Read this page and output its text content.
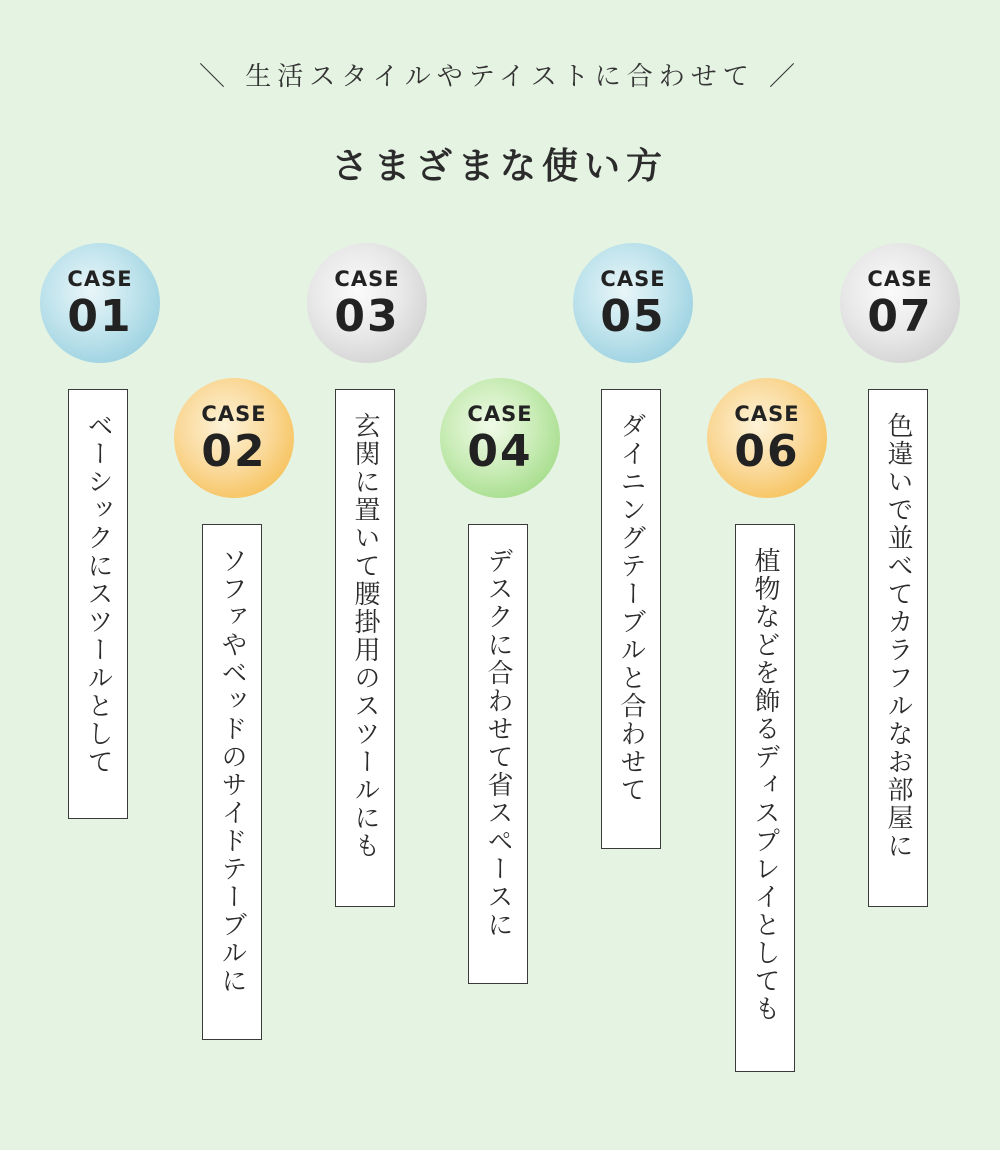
＼ 生活スタイルやテイストに合わせて ／
さまざまな使い方
CASE
01
ベーシックにスツールとして	CASE
02
ソファやベッドのサイドテーブルに
CASE
03
玄関に置いて腰掛用のスツールにも	CASE
04
デスクに合わせて省スペースに
CASE
05
ダイニングテーブルと合わせて	CASE
06
植物などを飾るディスプレイとしても
CASE
07
色違いで並べてカラフルなお部屋に
